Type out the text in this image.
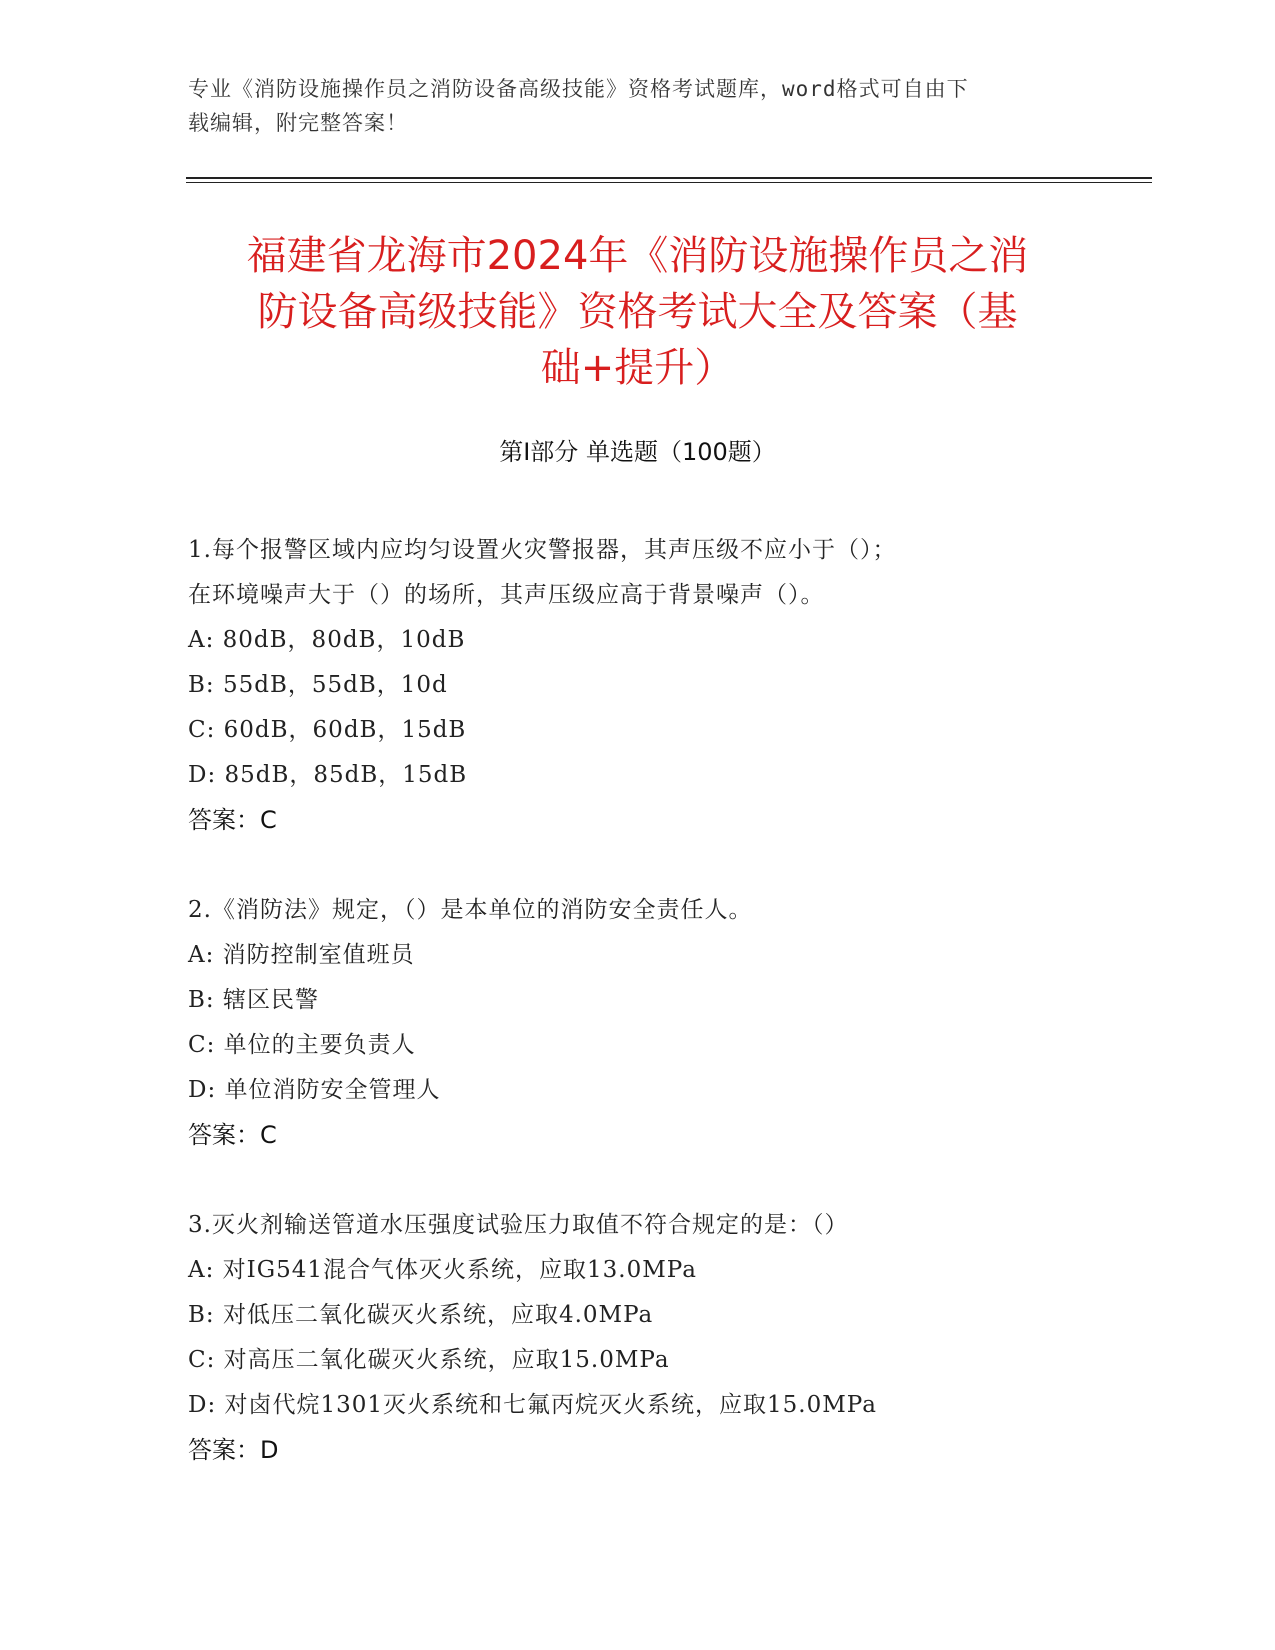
专业《消防设施操作员之消防设备高级技能》资格考试题库，word格式可自由下
载编辑，附完整答案！
福建省龙海市2024年《消防设施操作员之消
防设备高级技能》资格考试大全及答案（基
础+提升）
第Ⅰ部分 单选题（100题）

1.每个报警区域内应均匀设置火灾警报器，其声压级不应小于（）；

在环境噪声大于（）的场所，其声压级应高于背景噪声（）。

A: 80dB，80dB，10dB

B: 55dB，55dB，10d

C: 60dB，60dB，15dB

D: 85dB，85dB，15dB

答案：C

2.《消防法》规定，（）是本单位的消防安全责任人。

A: 消防控制室值班员

B: 辖区民警

C: 单位的主要负责人

D: 单位消防安全管理人

答案：C

3.灭火剂输送管道水压强度试验压力取值不符合规定的是：（）

A: 对IG541混合气体灭火系统，应取13.0MPa

B: 对低压二氧化碳灭火系统，应取4.0MPa

C: 对高压二氧化碳灭火系统，应取15.0MPa

D: 对卤代烷1301灭火系统和七氟丙烷灭火系统，应取15.0MPa

答案：D
